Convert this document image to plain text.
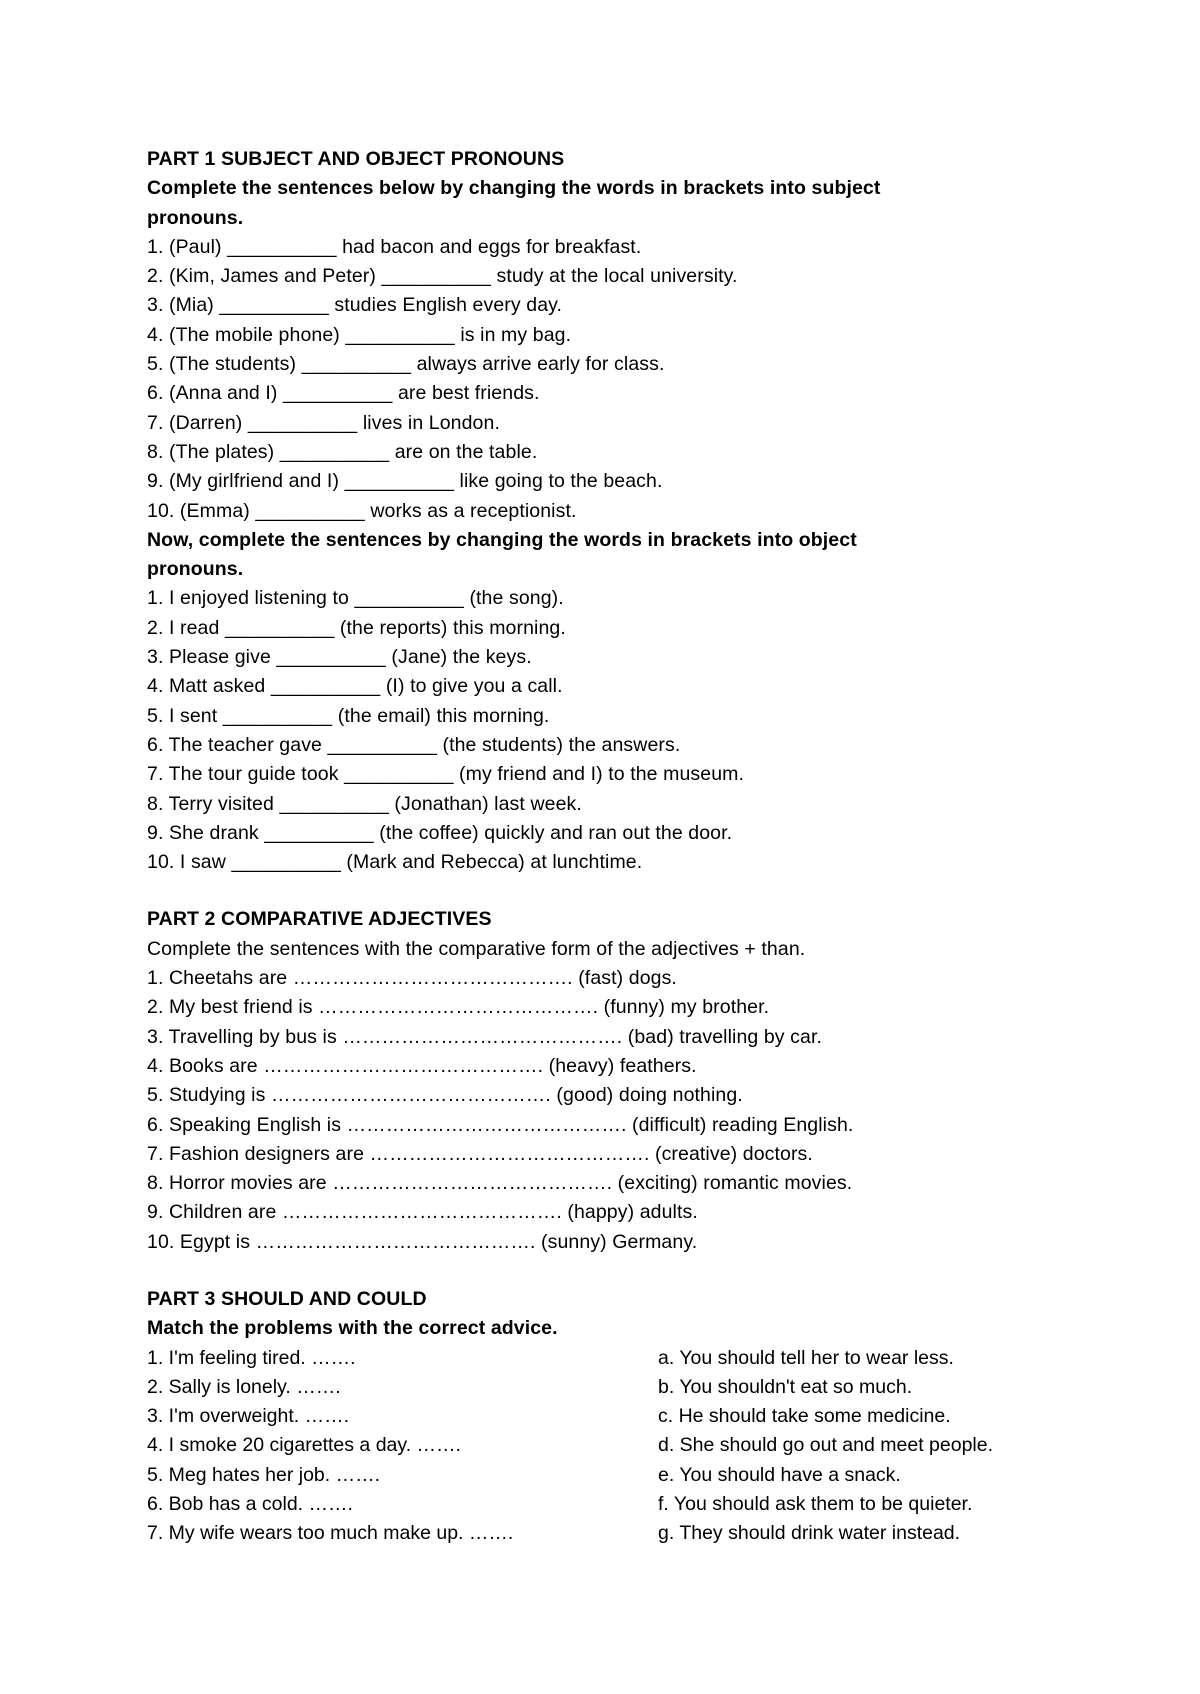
PART 1 SUBJECT AND OBJECT PRONOUNS
Complete the sentences below by changing the words in brackets into subject
pronouns.
1. (Paul) __________ had bacon and eggs for breakfast.
2. (Kim, James and Peter) __________ study at the local university.
3. (Mia) __________ studies English every day.
4. (The mobile phone) __________ is in my bag.
5. (The students) __________ always arrive early for class.
6. (Anna and I) __________ are best friends.
7. (Darren) __________ lives in London.
8. (The plates) __________ are on the table.
9. (My girlfriend and I) __________ like going to the beach.
10. (Emma) __________ works as a receptionist.
Now, complete the sentences by changing the words in brackets into object
pronouns.
1. I enjoyed listening to __________ (the song).
2. I read __________ (the reports) this morning.
3. Please give __________ (Jane) the keys.
4. Matt asked __________ (I) to give you a call.
5. I sent __________ (the email) this morning.
6. The teacher gave __________ (the students) the answers.
7. The tour guide took __________ (my friend and I) to the museum.
8. Terry visited __________ (Jonathan) last week.
9. She drank __________ (the coffee) quickly and ran out the door.
10. I saw __________ (Mark and Rebecca) at lunchtime.
PART 2 COMPARATIVE ADJECTIVES
Complete the sentences with the comparative form of the adjectives + than.
1. Cheetahs are ……………………………………. (fast) dogs.
2. My best friend is ……………………………………. (funny) my brother.
3. Travelling by bus is ……………………………………. (bad) travelling by car.
4. Books are ……………………………………. (heavy) feathers.
5. Studying is ……………………………………. (good) doing nothing.
6. Speaking English is ……………………………………. (difficult) reading English.
7. Fashion designers are ……………………………………. (creative) doctors.
8. Horror movies are ……………………………………. (exciting) romantic movies.
9. Children are ……………………………………. (happy) adults.
10. Egypt is ……………………………………. (sunny) Germany.
PART 3 SHOULD AND COULD
Match the problems with the correct advice.
1. I'm feeling tired. …….	a. You should tell her to wear less.
2. Sally is lonely. …….	b. You shouldn't eat so much.
3. I'm overweight. …….	c. He should take some medicine.
4. I smoke 20 cigarettes a day. …….	d. She should go out and meet people.
5. Meg hates her job. …….	e. You should have a snack.
6. Bob has a cold. …….	f. You should ask them to be quieter.
7. My wife wears too much make up. …….	g. They should drink water instead.
